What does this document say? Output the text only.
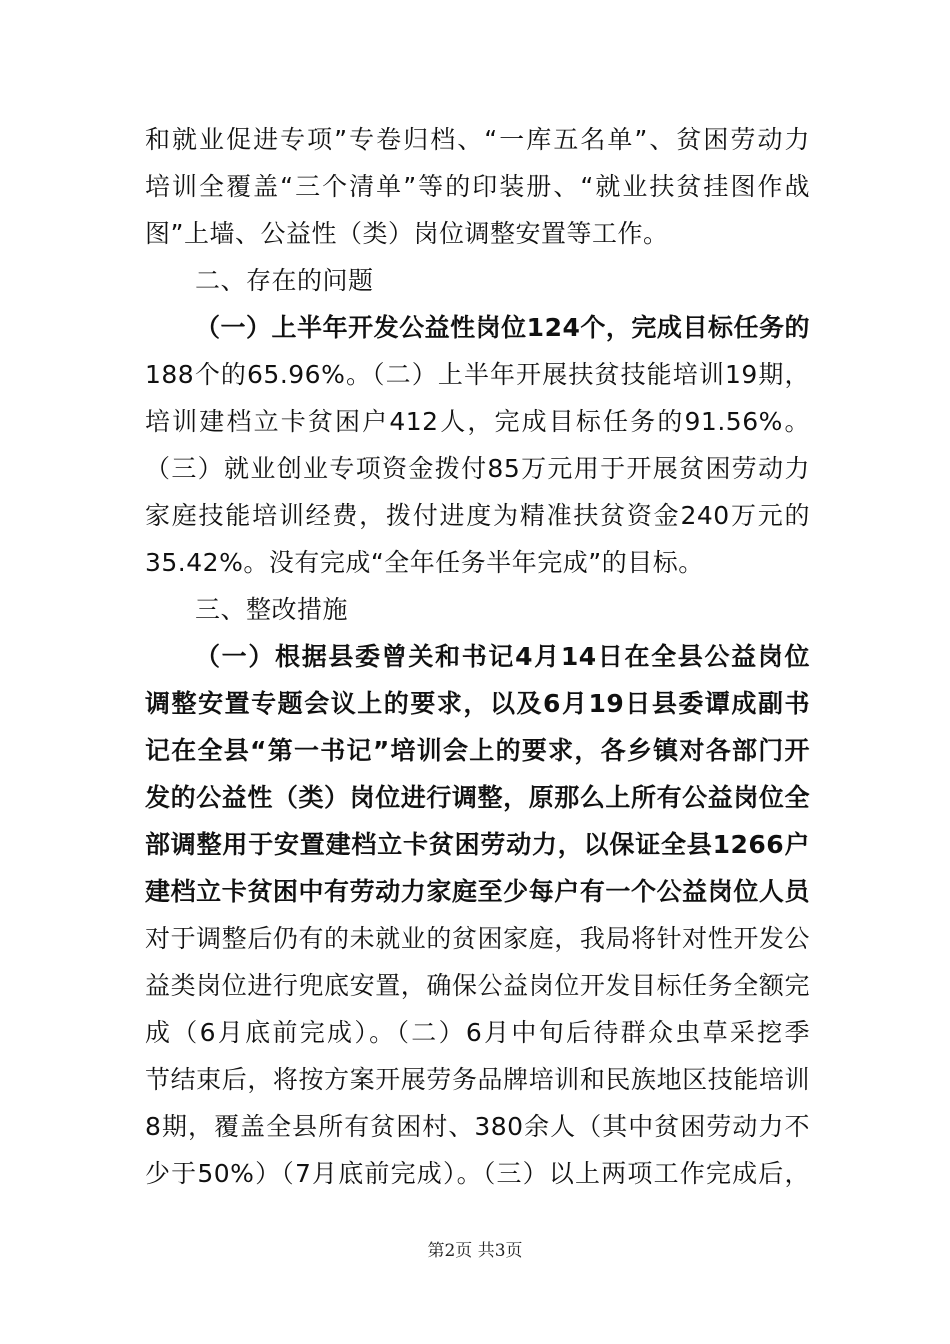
和就业促进专项”专卷归档、“一库五名单”、贫困劳动力
培训全覆盖“三个清单”等的印装册、“就业扶贫挂图作战
图”上墙、公益性（类）岗位调整安置等工作。
二、存在的问题
（一）上半年开发公益性岗位124个，完成目标任务的
188个的65.96%。（二）上半年开展扶贫技能培训19期，
培训建档立卡贫困户412人，完成目标任务的91.56%。
（三）就业创业专项资金拨付85万元用于开展贫困劳动力
家庭技能培训经费，拨付进度为精准扶贫资金240万元的
35.42%。没有完成“全年任务半年完成”的目标。
三、整改措施
（一）根据县委曾关和书记4月14日在全县公益岗位
调整安置专题会议上的要求，以及6月19日县委谭成副书
记在全县“第一书记”培训会上的要求，各乡镇对各部门开
发的公益性（类）岗位进行调整，原那么上所有公益岗位全
部调整用于安置建档立卡贫困劳动力，以保证全县1266户
建档立卡贫困中有劳动力家庭至少每户有一个公益岗位人员
对于调整后仍有的未就业的贫困家庭，我局将针对性开发公
益类岗位进行兜底安置，确保公益岗位开发目标任务全额完
成（6月底前完成）。（二）6月中旬后待群众虫草采挖季
节结束后，将按方案开展劳务品牌培训和民族地区技能培训
8期，覆盖全县所有贫困村、380余人（其中贫困劳动力不
少于50%）（7月底前完成）。（三）以上两项工作完成后，
第2页 共3页
